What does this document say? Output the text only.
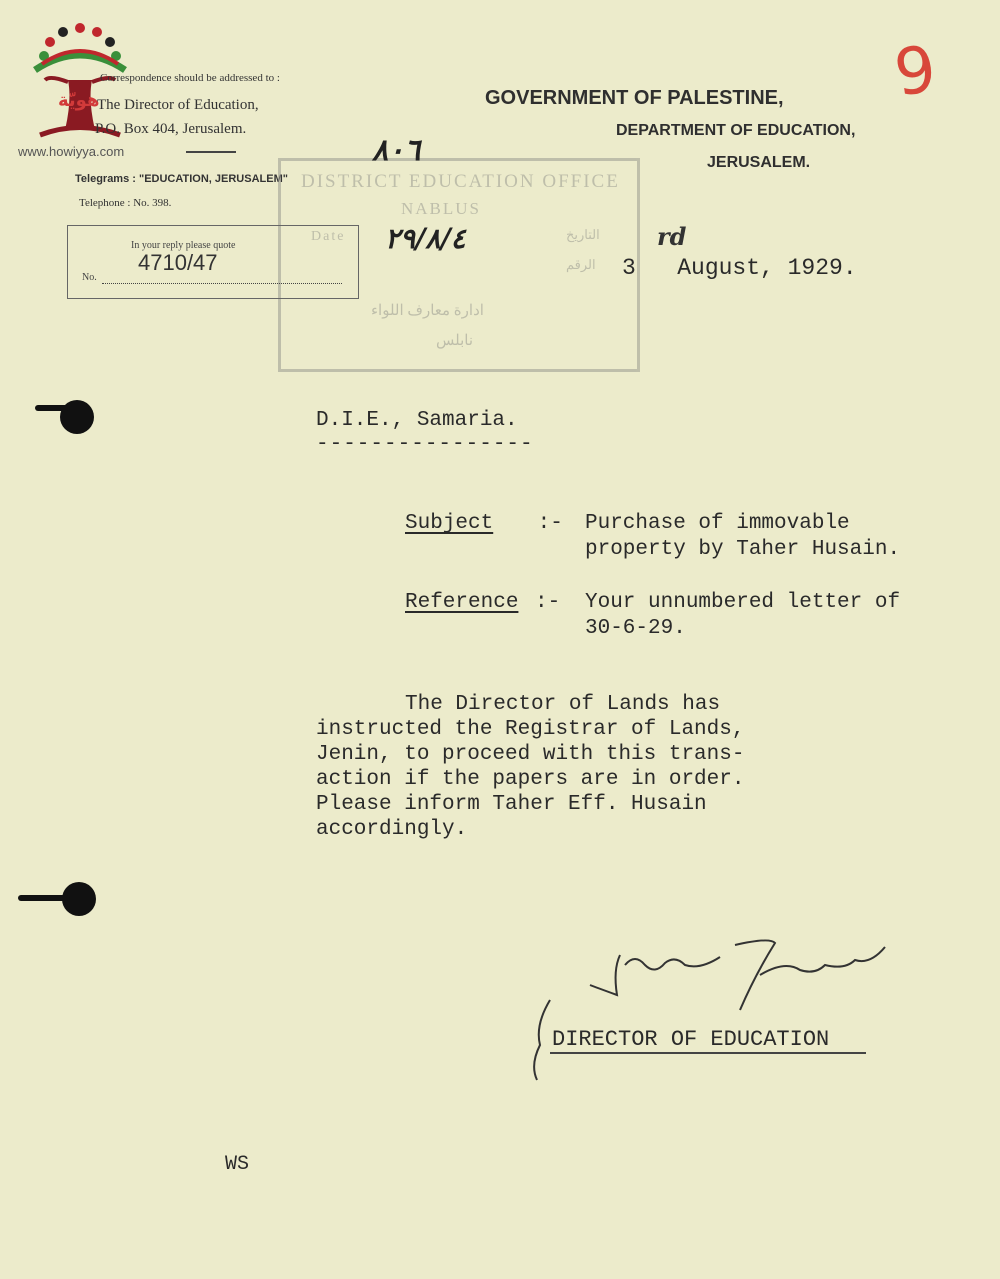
هويّة
www.howiyya.com
Correspondence should be addressed to :
The Director of Education,
P.O. Box 404, Jerusalem.
Telegrams : "EDUCATION, JERUSALEM"
Telephone : No. 398.
GOVERNMENT OF PALESTINE,
DEPARTMENT OF EDUCATION,
JERUSALEM.
9
DISTRICT EDUCATION OFFICE
NABLUS
Date	التاريخ
الرقم
ادارة معارف اللواء
نابلس
٨٠٦
٢٩/٨/٤
In your reply please quote
4710/47
No.
rd
3   August, 1929.
D.I.E., Samaria.
----------------
Subject :- Purchase of immovable
property by Taher Husain.
Reference :- Your unnumbered letter of
30-6-29.
The Director of Lands has
instructed the Registrar of Lands,
Jenin, to proceed with this trans-
action if the papers are in order.
Please inform Taher Eff. Husain
accordingly.
DIRECTOR OF EDUCATION
WS
